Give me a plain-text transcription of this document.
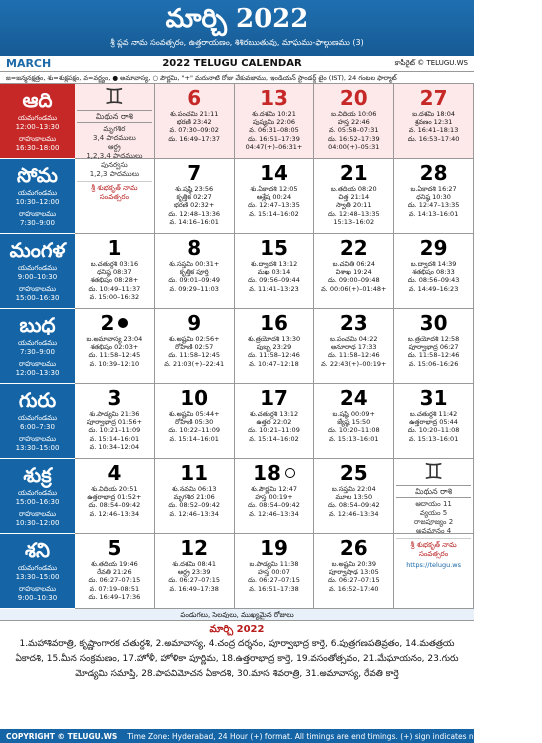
మార్చి 2022
శ్రీ ప్లవ నామ సంవత్సరం, ఉత్తరాయణం, శిశిరఋతువు, మాఘము-ఫాల్గుణము (3)
MARCH	2022 TELUGU CALENDAR	కాపీరైట్ © TELUGU.WS
జ=జన్మనక్షత్రం, శు=శుక్లపక్షం, వ=వర్జ్యం, ● అమావాస్య, ○ పౌర్ణమి, "+" మరునాటి రోజు వేకువజాము, ఇండియన్ స్టాండర్డ్ టైం (IST), 24 గంటల ఫార్మాట్
ఆది
యమగండము
12:00–13:30
రాహుకాలము
16:30–18:00
♊
మిథున రాశి
మృగశిర
3,4 పాదములు
ఆర్ద్ర
1,2,3,4 పాదములు
పునర్వసు
1,2,3 పాదములు
శ్రీ శుభకృత్ నామ సంవత్సరం
6
శు.పంచమి 21:11
భరణి 23:42
వ. 07:30–09:02
దు. 16:49–17:37
13
శు.దశమి 10:21
పుష్యమి 22:06
వ. 06:31–08:05
దు. 16:51–17:39
04:47(+)–06:31+
20
బ.విదియ 10:06
హస్త 22:46
వ. 05:58–07:31
దు. 16:52–17:39
04:00(+)–05:31
27
బ.దశమి 18:04
శ్రవణం 12:31
వ. 16:41–18:13
దు. 16:53–17:40
సోమ
యమగండము
10:30–12:00
రాహుకాలము
7:30–9:00
7
శు.షష్ఠి 23:56
కృత్తిక 02:27
భరణి 02:32+
దు. 12:48–13:36
వ. 14:16–16:01
14
శు.ఏకాదశి 12:05
ఆశ్లేష 00:24
దు. 12:47–13:35
వ. 15:14–16:02
21
బ.తదియ 08:20
చిత్త 21:14
స్వాతి 20:11
దు. 12:48–13:35
15:13–16:02
28
బ.ఏకాదశి 16:27
ధనిష్ఠ 10:30
దు. 12:47–13:35
వ. 14:13–16:01
మంగళ
యమగండము
9:00–10:30
రాహుకాలము
15:00–16:30
1
బ.చతుర్దశి 03:16
ధనిష్ఠ 08:37
శతభిషం 08:28+
దు. 10:49–11:37
వ. 15:00–16:32
8
శు.సప్తమి 00:31+
కృత్తిక పూర్తి
దు. 09:01–09:49
వ. 09:29–11:03
15
శు.ద్వాదశి 13:12
మఖ 03:14
దు. 09:56–09:44
వ. 11:41–13:23
22
బ.చవితి 06:24
విశాఖ 19:24
దు. 09:00–09:48
వ. 00:06(+)–01:48+
29
బ.ద్వాదశి 14:39
శతభిషం 08:33
దు. 08:56–09:43
వ. 14:49–16:23
బుధ
యమగండము
7:30–9:00
రాహుకాలము
12:00–13:30
2
బ.అమావాస్య 23:04
శతభిషం 02:03+
దు. 11:58–12:45
వ. 10:39–12:10
9
శు.అష్టమి 02:56+
రోహిణి 02:57
దు. 11:58–12:45
వ. 21:03(+)–22:41
16
శు.త్రయోదశి 13:30
పుబ్బ 23:29
దు. 11:58–12:46
వ. 10:47–12:18
23
బ.పంచమి 04:22
అనూరాధ 17:33
దు. 11:58–12:46
వ. 22:43(+)–00:19+
30
బ.త్రయోదశి 12:58
పూర్వాభాద్ర 06:27
దు. 11:58–12:46
వ. 15:06–16:26
గురు
యమగండము
6:00–7:30
రాహుకాలము
13:30–15:00
3
శు.పాడ్యమి 21:36
పూర్వాభాద్ర 01:56+
దు. 10:21–11:09
వ. 15:14–16:01
వ. 10:34–12:04
10
శు.అష్టమి 05:44+
రోహిణి 05:30
దు. 10:22–11:09
వ. 15:14–16:01
17
శు.చతుర్దశి 13:12
ఉత్తర 22:02
దు. 10:21–11:09
వ. 15:14–16:02
24
బ.షష్ఠి 00:09+
జ్యేష్ఠ 15:50
దు. 10:20–11:08
వ. 15:13–16:01
31
బ.చతుర్దశి 11:42
ఉత్తరాభాద్ర 05:44
దు. 10:20–11:08
వ. 15:13–16:01
శుక్ర
యమగండము
15:00–16:30
రాహుకాలము
10:30–12:00
4
శు.విదియ 20:51
ఉత్తరాభాద్ర 01:52+
దు. 08:54–09:42
వ. 12:46–13:34
11
శు.నవమి 06:13
మృగశిర 21:06
దు. 08:52–09:42
వ. 12:46–13:34
18
శు.పౌర్ణమి 12:47
హస్త 00:19+
దు. 08:54–09:42
వ. 12:46–13:34
25
బ.సప్తమి 22:04
మూల 13:50
దు. 08:54–09:42
వ. 12:46–13:34
♊
మిథున రాశి
ఆదాయం 11
వ్యయం 5
రాజపూజ్యం 2
అవమానం 4
శ్రీ శుభకృత్ నామ సంవత్సరం
https://telugu.ws
శని
యమగండము
13:30–15:00
రాహుకాలము
9:00–10:30
5
శు.తదియ 19:46
రేవతి 21:26
దు. 06:27–07:15
వ. 07:19–08:51
దు. 16:49–17:36
12
శు.దశమి 08:41
ఆర్ద్ర 23:39
దు. 06:27–07:15
వ. 16:49–17:38
19
బ.పాడ్యమి 11:38
హస్త 00:07
దు. 06:27–07:15
వ. 16:51–17:38
26
బ.అష్టమి 20:39
పూర్వాషాఢ 13:05
దు. 06:27–07:15
వ. 16:52–17:40
పండుగలు, సెలవులు, ముఖ్యమైన రోజులు
మార్చి 2022
1.మహాశివరాత్రి, కృష్ణాంగారక చతుర్దశి, 2.అమావాస్య, 4.చంద్ర దర్శనం, పూర్వాభాద్ర కార్తె, 6.పుత్రగణపతివ్రతం, 14.మతత్రయ ఏకాదశి, 15.మీన సంక్రమణం, 17.హోళీ, హోళికా పూర్ణిమ, 18.ఉత్తరాభాద్ర కార్తె, 19.వసంతోత్సవం, 21.మేఘాయనం, 23.గురు మోడ్యమి సమాప్తి, 28.పాపవిమోచన ఏకాదశి, 30.మాస శివరాత్రి, 31.అమావాస్య, రేవతి కార్తె
COPYRIGHT © TELUGU.WS Time Zone: Hyderabad, 24 Hour (+) format. All timings are end timings. (+) sign indicates next calendar date.
